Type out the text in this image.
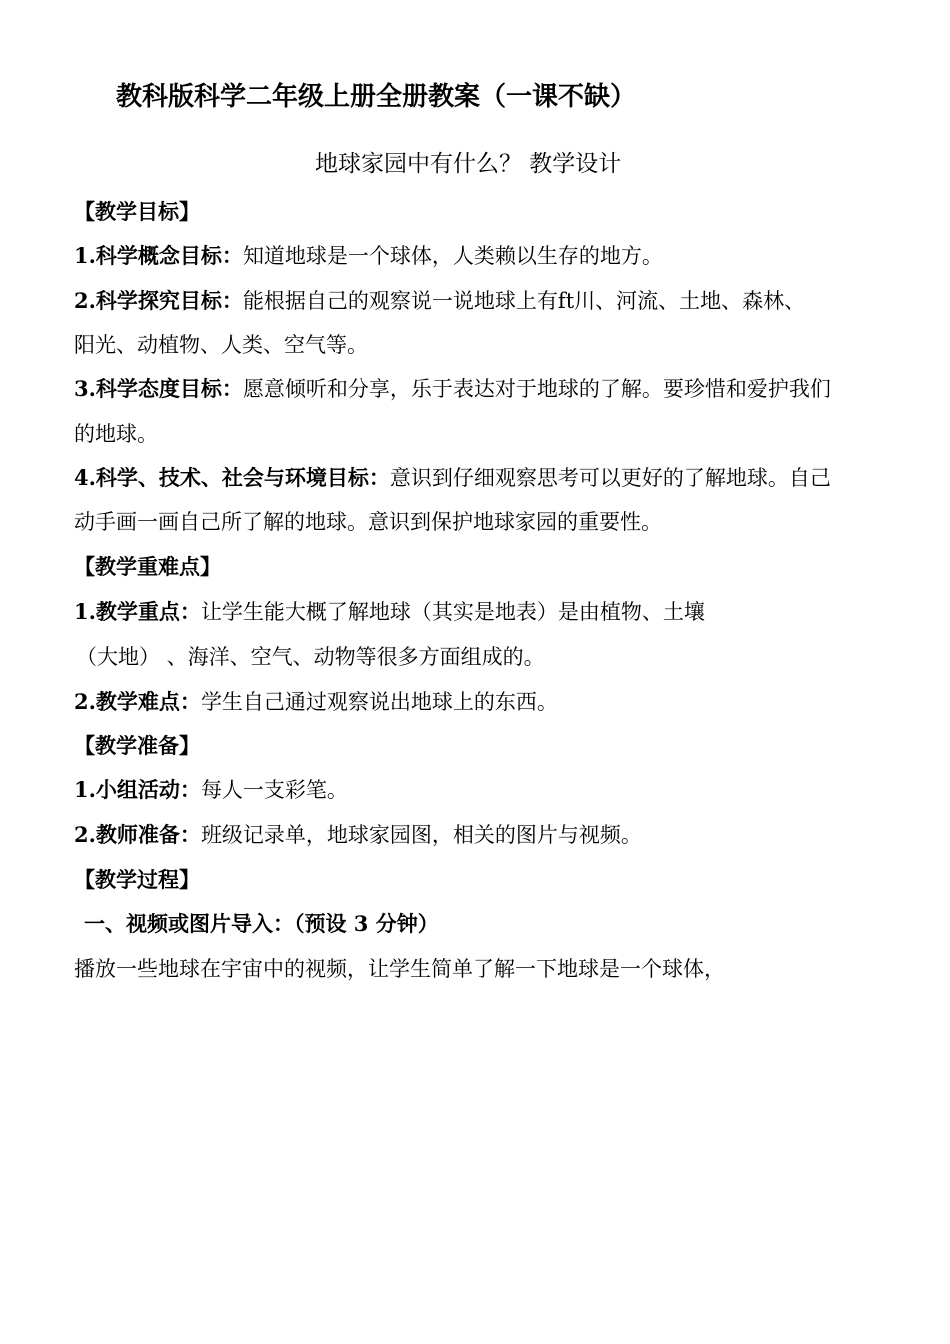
教科版科学二年级上册全册教案（一课不缺）
地球家园中有什么？ 教学设计
【教学目标】
1.科学概念目标：知道地球是一个球体，人类赖以生存的地方。
2.科学探究目标：能根据自己的观察说一说地球上有ft川、河流、土地、森林、
阳光、动植物、人类、空气等。
3.科学态度目标：愿意倾听和分享，乐于表达对于地球的了解。要珍惜和爱护我们
的地球。
4.科学、技术、社会与环境目标：意识到仔细观察思考可以更好的了解地球。自己
动手画一画自己所了解的地球。意识到保护地球家园的重要性。
【教学重难点】
1.教学重点：让学生能大概了解地球（其实是地表）是由植物、土壤
（大地） 、海洋、空气、动物等很多方面组成的。
2.教学难点：学生自己通过观察说出地球上的东西。
【教学准备】
1.小组活动：每人一支彩笔。
2.教师准备：班级记录单，地球家园图，相关的图片与视频。
【教学过程】
一、视频或图片导入：（预设 3 分钟）
播放一些地球在宇宙中的视频，让学生简单了解一下地球是一个球体，
